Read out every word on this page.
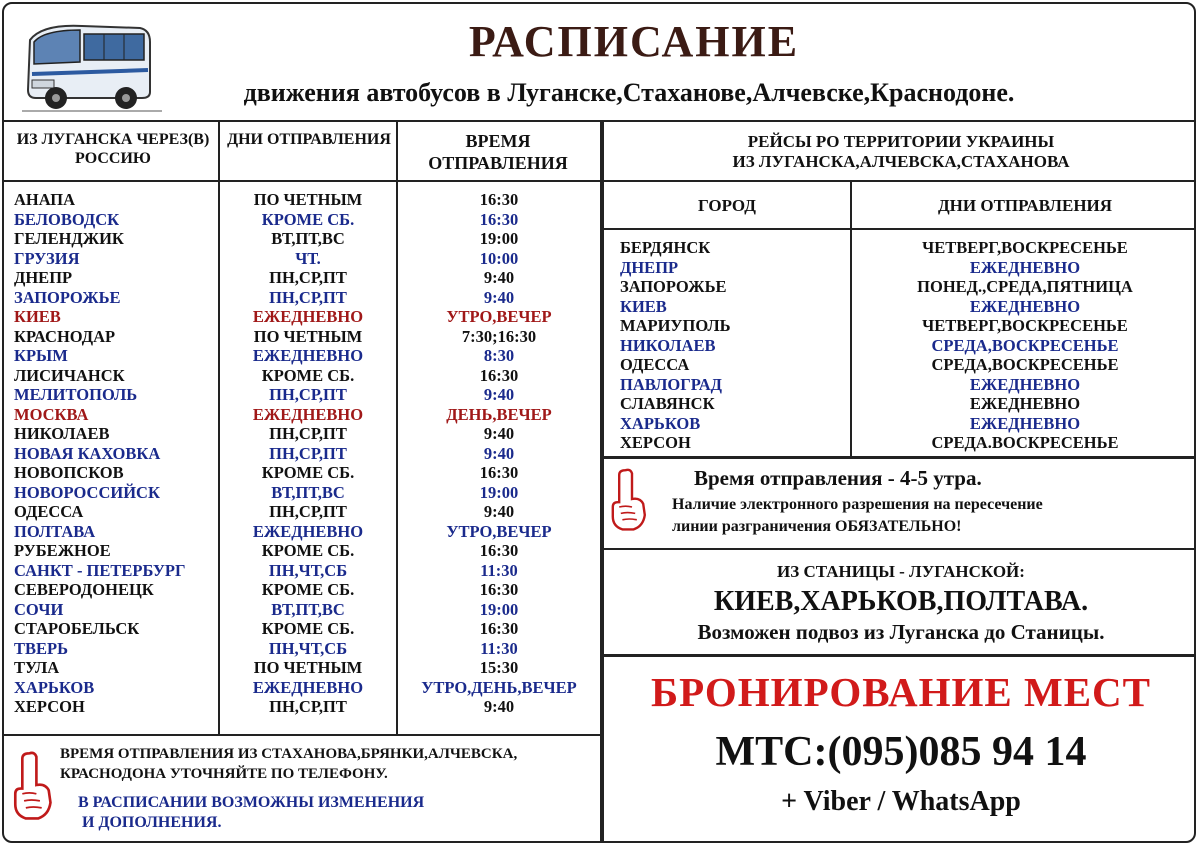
РАСПИСАНИЕ
движения автобусов в Луганске,Стаханове,Алчевске,Краснодоне.
ИЗ ЛУГАНСКА ЧЕРЕЗ(В) РОССИЮ
ДНИ ОТПРАВЛЕНИЯ	ВРЕМЯ ОТПРАВЛЕНИЯ
АНАПА
БЕЛОВОДСК
ГЕЛЕНДЖИК
ГРУЗИЯ
ДНЕПР
ЗАПОРОЖЬЕ
КИЕВ
КРАСНОДАР
КРЫМ
ЛИСИЧАНСК
МЕЛИТОПОЛЬ
МОСКВА
НИКОЛАЕВ
НОВАЯ КАХОВКА
НОВОПСКОВ
НОВОРОССИЙСК
ОДЕССА
ПОЛТАВА
РУБЕЖНОЕ
САНКТ - ПЕТЕРБУРГ
СЕВЕРОДОНЕЦК
СОЧИ
СТАРОБЕЛЬСК
ТВЕРЬ
ТУЛА
ХАРЬКОВ
ХЕРСОН
ПО ЧЕТНЫМ
КРОМЕ СБ.
ВТ,ПТ,ВС
ЧТ.
ПН,СР,ПТ
ПН,СР,ПТ
ЕЖЕДНЕВНО
ПО ЧЕТНЫМ
ЕЖЕДНЕВНО
КРОМЕ СБ.
ПН,СР,ПТ
ЕЖЕДНЕВНО
ПН,СР,ПТ
ПН,СР,ПТ
КРОМЕ СБ.
ВТ,ПТ,ВС
ПН,СР,ПТ
ЕЖЕДНЕВНО
КРОМЕ СБ.
ПН,ЧТ,СБ
КРОМЕ СБ.
ВТ,ПТ,ВС
КРОМЕ СБ.
ПН,ЧТ,СБ
ПО ЧЕТНЫМ
ЕЖЕДНЕВНО
ПН,СР,ПТ
16:30
16:30
19:00
10:00
9:40
9:40
УТРО,ВЕЧЕР
7:30;16:30
8:30
16:30
9:40
ДЕНЬ,ВЕЧЕР
9:40
9:40
16:30
19:00
9:40
УТРО,ВЕЧЕР
16:30
11:30
16:30
19:00
16:30
11:30
15:30
УТРО,ДЕНЬ,ВЕЧЕР
9:40
ВРЕМЯ ОТПРАВЛЕНИЯ ИЗ СТАХАНОВА,БРЯНКИ,АЛЧЕВСКА,
КРАСНОДОНА УТОЧНЯЙТЕ ПО ТЕЛЕФОНУ.
В РАСПИСАНИИ ВОЗМОЖНЫ ИЗМЕНЕНИЯ
И ДОПОЛНЕНИЯ.
РЕЙСЫ РО ТЕРРИТОРИИ УКРАИНЫ
ИЗ ЛУГАНСКА,АЛЧЕВСКА,СТАХАНОВА
ГОРОД	ДНИ ОТПРАВЛЕНИЯ
БЕРДЯНСК
ДНЕПР
ЗАПОРОЖЬЕ
КИЕВ
МАРИУПОЛЬ
НИКОЛАЕВ
ОДЕССА
ПАВЛОГРАД
СЛАВЯНСК
ХАРЬКОВ
ХЕРСОН
ЧЕТВЕРГ,ВОСКРЕСЕНЬЕ
ЕЖЕДНЕВНО
ПОНЕД.,СРЕДА,ПЯТНИЦА
ЕЖЕДНЕВНО
ЧЕТВЕРГ,ВОСКРЕСЕНЬЕ
СРЕДА,ВОСКРЕСЕНЬЕ
СРЕДА,ВОСКРЕСЕНЬЕ
ЕЖЕДНЕВНО
ЕЖЕДНЕВНО
ЕЖЕДНЕВНО
СРЕДА.ВОСКРЕСЕНЬЕ
Время отправления - 4-5 утра.
Наличие электронного разрешения на пересечение
линии разграничения ОБЯЗАТЕЛЬНО!
ИЗ СТАНИЦЫ - ЛУГАНСКОЙ:
КИЕВ,ХАРЬКОВ,ПОЛТАВА.
Возможен подвоз из Луганска до Станицы.
БРОНИРОВАНИЕ МЕСТ
МТС:(095)085 94 14
+ Viber / WhatsApp
